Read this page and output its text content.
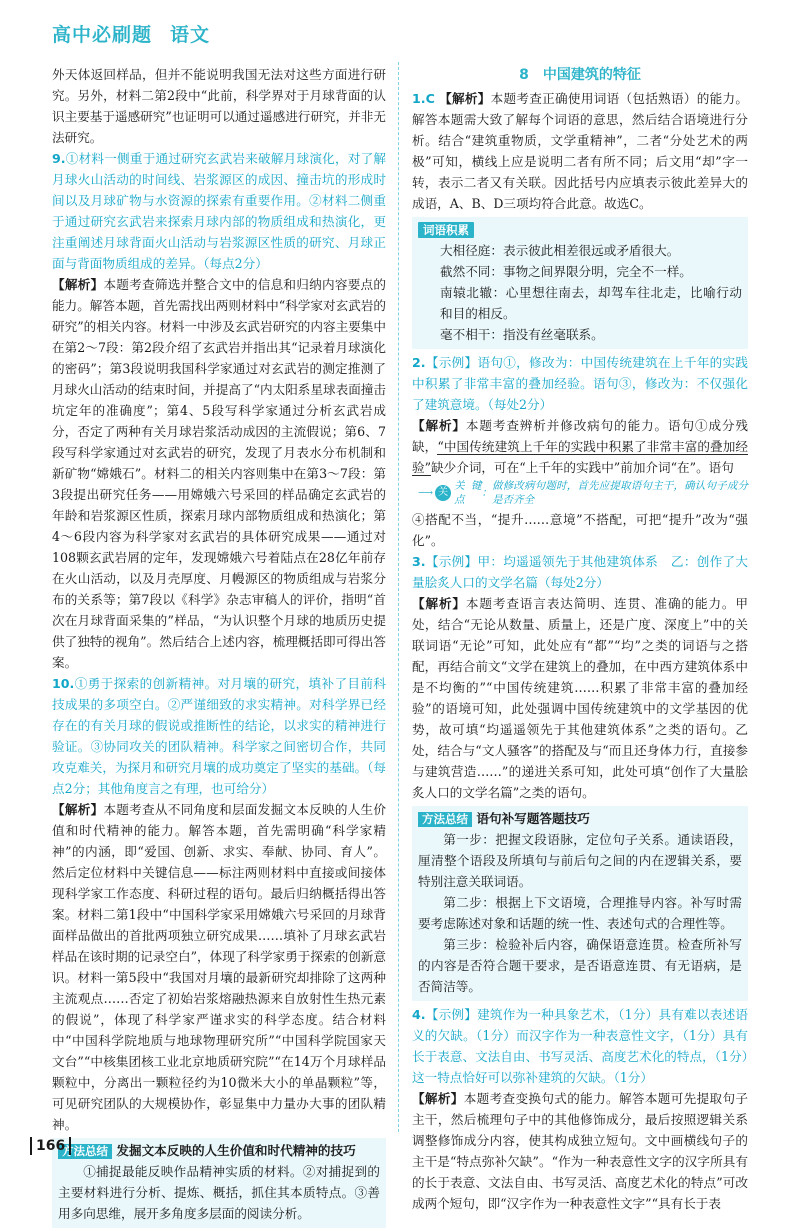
高中必刷题 语文

外天体返回样品，但并不能说明我国无法对这些方面进行研究。另外，材料二第2段中“此前，科学界对于月球背面的认识主要基于遥感研究”也证明可以通过遥感进行研究，并非无法研究。

9.①材料一侧重于通过研究玄武岩来破解月球演化，对了解月球火山活动的时间线、岩浆源区的成因、撞击坑的形成时间以及月球矿物与水资源的探索有重要作用。②材料二侧重于通过研究玄武岩来探索月球内部的物质组成和热演化，更注重阐述月球背面火山活动与岩浆源区性质的研究、月球正面与背面物质组成的差异。（每点2分）

【解析】本题考查筛选并整合文中的信息和归纳内容要点的能力。解答本题，首先需找出两则材料中“科学家对玄武岩的研究”的相关内容。材料一中涉及玄武岩研究的内容主要集中在第2～7段：第2段介绍了玄武岩并指出其“记录着月球演化的密码”；第3段说明我国科学家通过对玄武岩的测定推测了月球火山活动的结束时间，并提高了“内太阳系星球表面撞击坑定年的准确度”；第4、5段写科学家通过分析玄武岩成分，否定了两种有关月球岩浆活动成因的主流假说；第6、7段写科学家通过对玄武岩的研究，发现了月表水分布机制和新矿物“嫦娥石”。材料二的相关内容则集中在第3～7段：第3段提出研究任务——用嫦娥六号采回的样品确定玄武岩的年龄和岩浆源区性质，探索月球内部物质组成和热演化；第4～6段内容为科学家对玄武岩的具体研究成果——通过对108颗玄武岩屑的定年，发现嫦娥六号着陆点在28亿年前存在火山活动，以及月壳厚度、月幔源区的物质组成与岩浆分布的关系等；第7段以《科学》杂志审稿人的评价，指明“首次在月球背面采集的”样品，“为认识整个月球的地质历史提供了独特的视角”。然后结合上述内容，梳理概括即可得出答案。

10.①勇于探索的创新精神。对月壤的研究，填补了目前科技成果的多项空白。②严谨细致的求实精神。对科学界已经存在的有关月球的假说或推断性的结论，以求实的精神进行验证。③协同攻关的团队精神。科学家之间密切合作，共同攻克难关，为探月和研究月壤的成功奠定了坚实的基础。（每点2分；其他角度言之有理，也可给分）

【解析】本题考查从不同角度和层面发掘文本反映的人生价值和时代精神的能力。解答本题，首先需明确“科学家精神”的内涵，即“爱国、创新、求实、奉献、协同、育人”。然后定位材料中关键信息——标注两则材料中直接或间接体现科学家工作态度、科研过程的语句。最后归纳概括得出答案。材料二第1段中“中国科学家采用嫦娥六号采回的月球背面样品做出的首批两项独立研究成果……填补了月球玄武岩样品在该时期的记录空白”，体现了科学家勇于探索的创新意识。材料一第5段中“我国对月壤的最新研究却排除了这两种主流观点……否定了初始岩浆熔融热源来自放射性生热元素的假说”，体现了科学家严谨求实的科学态度。结合材料中“中国科学院地质与地球物理研究所”“中国科学院国家天文台”“中核集团核工业北京地质研究院”“在14万个月球样品颗粒中，分离出一颗粒径约为10微米大小的单晶颗粒”等，可见研究团队的大规模协作，彰显集中力量办大事的团队精神。

方法总结 发掘文本反映的人生价值和时代精神的技巧

①捕捉最能反映作品精神实质的材料。②对捕捉到的主要材料进行分析、提炼、概括，抓住其本质特点。③善用多向思维，展开多角度多层面的阅读分析。

8　 中国建筑的特征

1.C 【解析】本题考查正确使用词语（包括熟语）的能力。解答本题需大致了解每个词语的意思，然后结合语境进行分析。结合“建筑重物质，文学重精神”，二者“分处艺术的两极”可知，横线上应是说明二者有所不同；后文用“却”字一转，表示二者又有关联。因此括号内应填表示彼此差异大的成语，A、B、D三项均符合此意。故选C。

词语积累

大相径庭：表示彼此相差很远或矛盾很大。

截然不同：事物之间界限分明，完全不一样。

南辕北辙：心里想往南去，却驾车往北走，比喻行动和目的相反。

毫不相干：指没有丝毫联系。

2.【示例】语句①，修改为：中国传统建筑在上千年的实践中积累了非常丰富的叠加经验。语句③，修改为：不仅强化了建筑意境。（每处2分）

【解析】本题考查辨析并修改病句的能力。语句①成分残缺，“中国传统建筑上千年的实践中积累了非常丰富的叠加经验”缺少介词，可在“上千年的实践中”前加介词“在”。语句

⟶ 关
关键点
：
做修改病句题时，首先应提取语句主干，确认句子成分是否齐全

④搭配不当，“提升……意境”不搭配，可把“提升”改为“强化”。

3.【示例】甲：均遥遥领先于其他建筑体系　乙：创作了大量脍炙人口的文学名篇（每处2分）

【解析】本题考查语言表达简明、连贯、准确的能力。甲处，结合“无论从数量、质量上，还是广度、深度上”中的关联词语“无论”可知，此处应有“都”“均”之类的词语与之搭配，再结合前文“文学在建筑上的叠加，在中西方建筑体系中是不均衡的”“中国传统建筑……积累了非常丰富的叠加经验”的语境可知，此处强调中国传统建筑中的文学基因的优势，故可填“均遥遥领先于其他建筑体系”之类的语句。乙处，结合与“文人骚客”的搭配及与“而且还身体力行，直接参与建筑营造……”的递进关系可知，此处可填“创作了大量脍炙人口的文学名篇”之类的语句。

方法总结 语句补写题答题技巧

第一步：把握文段语脉，定位句子关系。通读语段，厘清整个语段及所填句与前后句之间的内在逻辑关系，要特别注意关联词语。

第二步：根据上下文语境，合理推导内容。补写时需要考虑陈述对象和话题的统一性、表述句式的合理性等。

第三步：检验补后内容，确保语意连贯。检查所补写的内容是否符合题干要求，是否语意连贯、有无语病，是否简洁等。

4.【示例】建筑作为一种具象艺术，（1分）具有难以表述语义的欠缺。（1分）而汉字作为一种表意性文字，（1分）具有长于表意、文法自由、书写灵活、高度艺术化的特点，（1分）这一特点恰好可以弥补建筑的欠缺。（1分）

【解析】本题考查变换句式的能力。解答本题可先提取句子主干，然后梳理句子中的其他修饰成分，最后按照逻辑关系调整修饰成分内容，使其构成独立短句。文中画横线句子的主干是“特点弥补欠缺”。“作为一种表意性文字的汉字所具有的长于表意、文法自由、书写灵活、高度艺术化的特点”可改成两个短句，即“汉字作为一种表意性文字”“具有长于表

166
